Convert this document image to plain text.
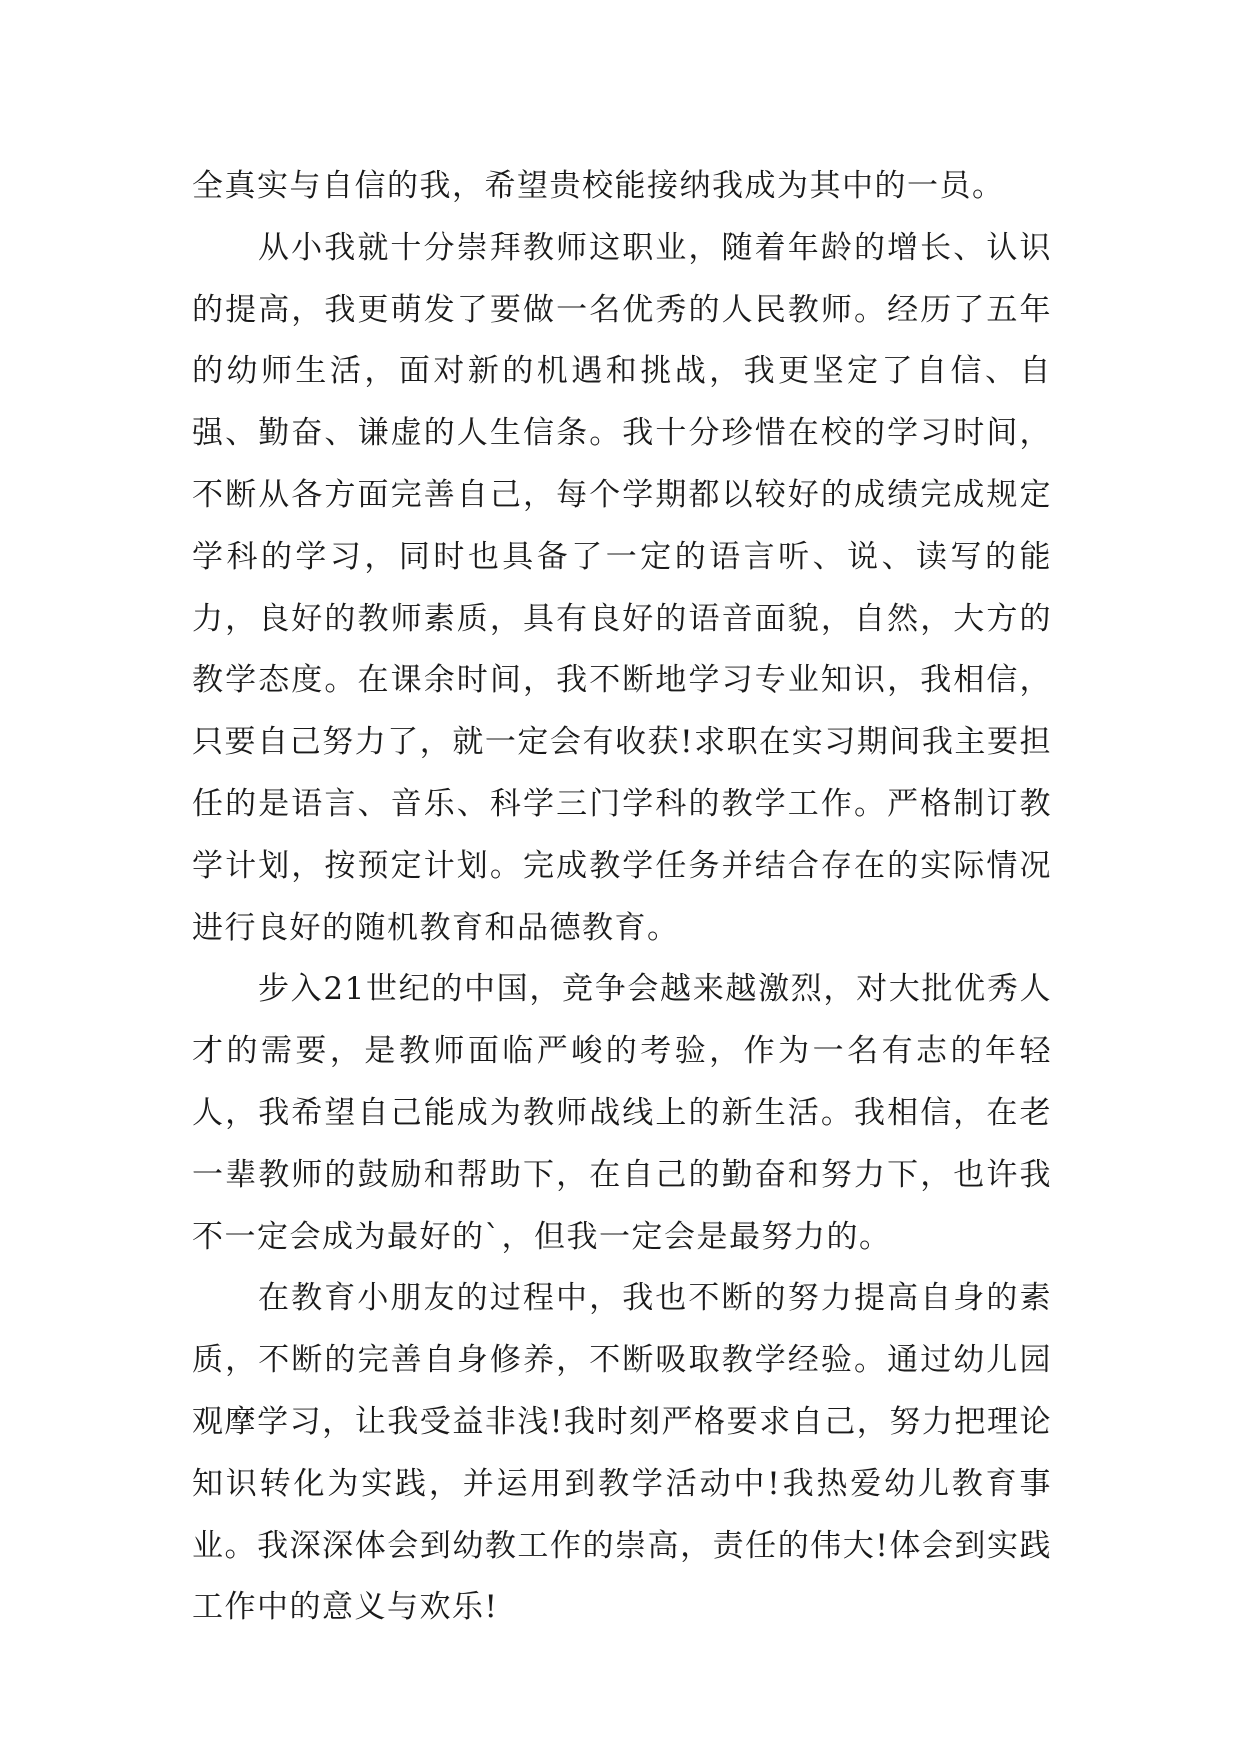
全真实与自信的我，希望贵校能接纳我成为其中的一员。

从小我就十分崇拜教师这职业，随着年龄的增长、认识的提高，我更萌发了要做一名优秀的人民教师。经历了五年的幼师生活，面对新的机遇和挑战，我更坚定了自信、自强、勤奋、谦虚的人生信条。我十分珍惜在校的学习时间，不断从各方面完善自己，每个学期都以较好的成绩完成规定学科的学习，同时也具备了一定的语言听、说、读写的能力，良好的教师素质，具有良好的语音面貌，自然，大方的教学态度。在课余时间，我不断地学习专业知识，我相信， 只要自己努力了，就一定会有收获!求职在实习期间我主要担任的是语言、音乐、科学三门学科的教学工作。严格制订教学计划，按预定计划。完成教学任务并结合存在的实际情况进行良好的随机教育和品德教育。

步入21世纪的中国，竞争会越来越激烈，对大批优秀人才的需要，是教师面临严峻的考验，作为一名有志的年轻人，我希望自己能成为教师战线上的新生活。我相信，在老一辈教师的鼓励和帮助下，在自己的勤奋和努力下，也许我不一定会成为最好的`，但我一定会是最努力的。

在教育小朋友的过程中，我也不断的努力提高自身的素质，不断的完善自身修养，不断吸取教学经验。通过幼儿园观摩学习，让我受益非浅!我时刻严格要求自己，努力把理论知识转化为实践，并运用到教学活动中!我热爱幼儿教育事业。我深深体会到幼教工作的崇高，责任的伟大!体会到实践工作中的意义与欢乐!
